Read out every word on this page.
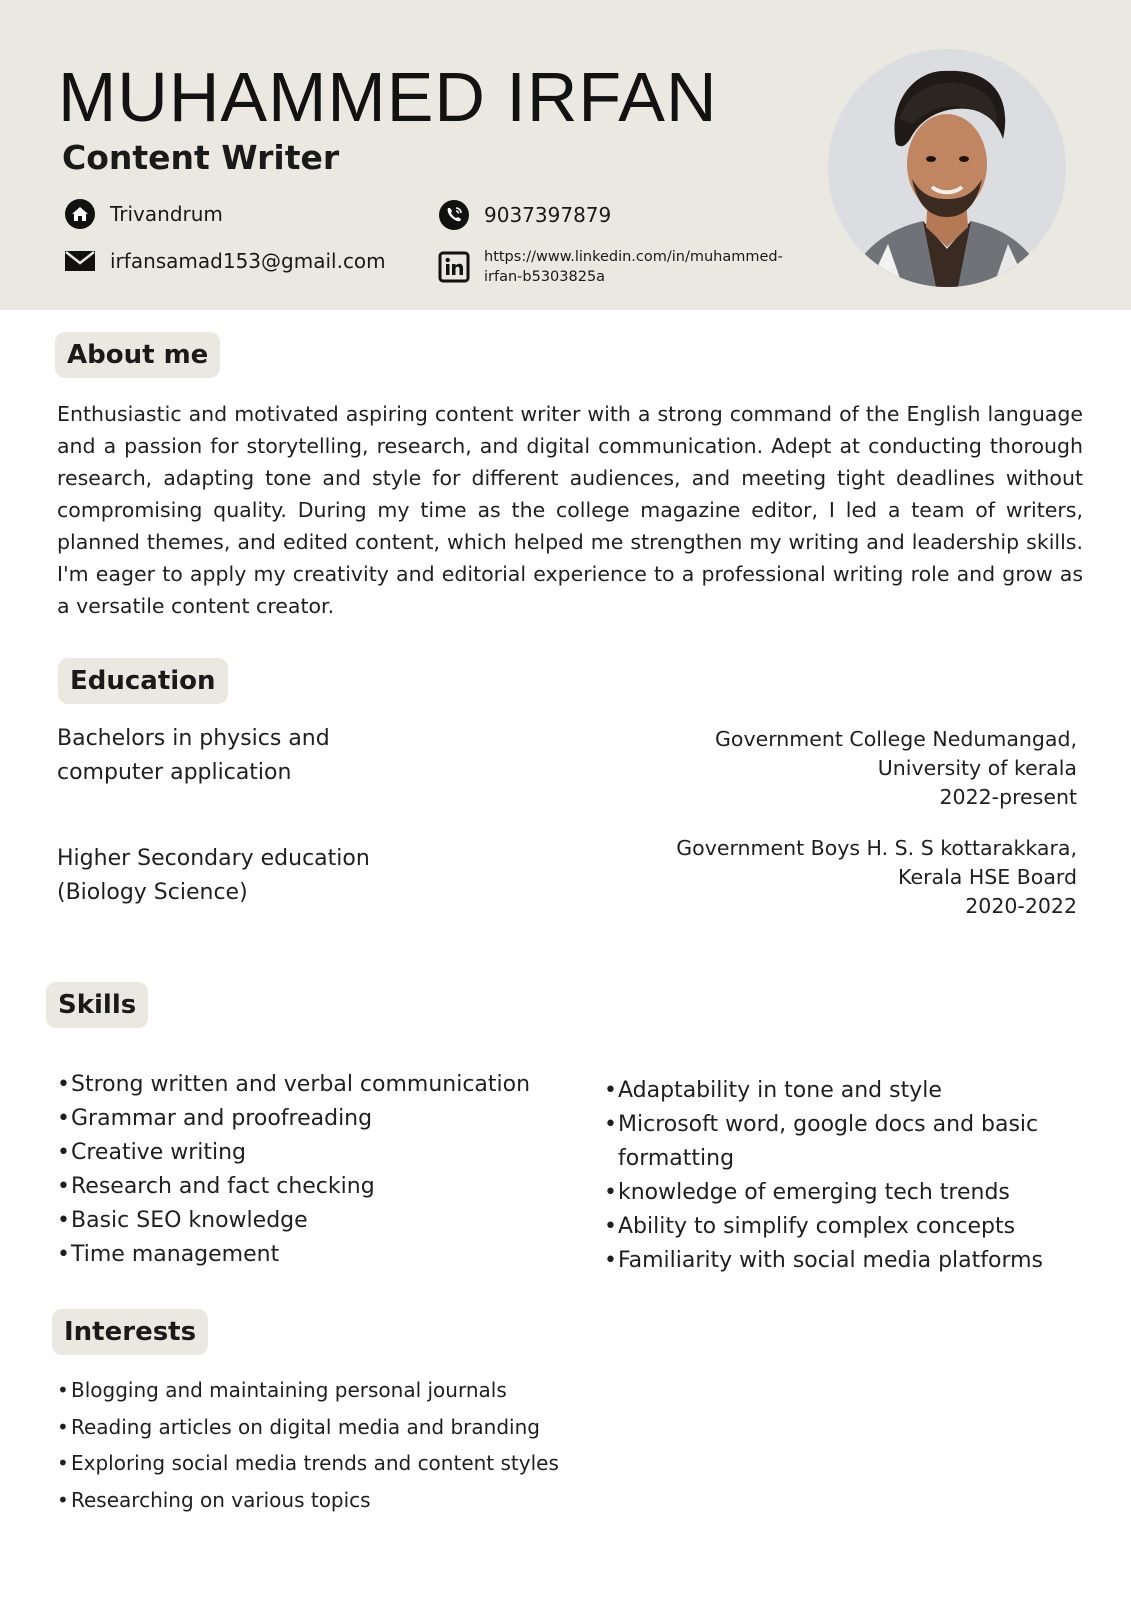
MUHAMMED IRFAN
Content Writer
Trivandrum
irfansamad153@gmail.com
9037397879
https://www.linkedin.com/in/muhammed-irfan-b5303825a
About me
Enthusiastic and motivated aspiring content writer with a strong command of the English language and a passion for storytelling, research, and digital communication. Adept at conducting thorough research, adapting tone and style for different audiences, and meeting tight deadlines without compromising quality. During my time as the college magazine editor, I led a team of writers, planned themes, and edited content, which helped me strengthen my writing and leadership skills. I'm eager to apply my creativity and editorial experience to a professional writing role and grow as a versatile content creator.
Education
Bachelors in physics and
computer application
Government College Nedumangad,
University of kerala
2022-present
Higher Secondary education
(Biology Science)
Government Boys H. S. S kottarakkara,
Kerala HSE Board
2020-2022
Skills
• Strong written and verbal communication
• Grammar and proofreading
• Creative writing
• Research and fact checking
• Basic SEO knowledge
• Time management
• Adaptability in tone and style
• Microsoft word, google docs and basic formatting
• knowledge of emerging tech trends
• Ability to simplify complex concepts
• Familiarity with social media platforms
Interests
• Blogging and maintaining personal journals
• Reading articles on digital media and branding
• Exploring social media trends and content styles
• Researching on various topics
